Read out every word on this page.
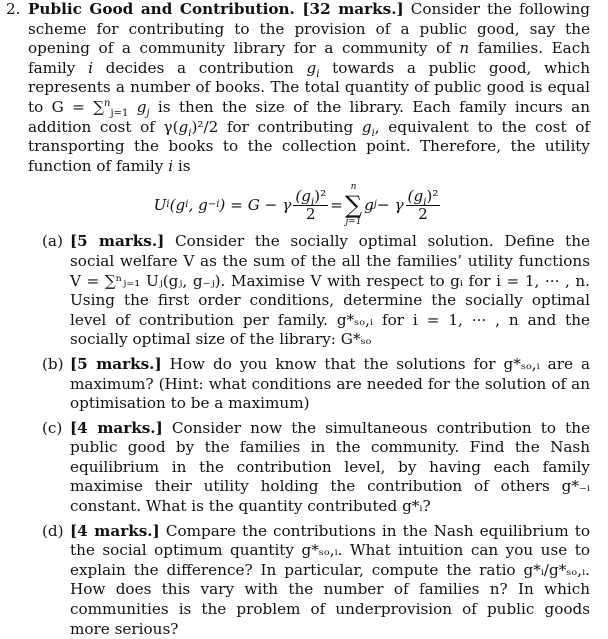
2. Public Good and Contribution. [32 marks.] Consider the following scheme for contributing to the provision of a public good, say the opening of a community library for a community of n families. Each family i decides a contribution $g_i$ towards a public good, which represents a number of books. The total quantity of public good is equal to G = ∑$^n_{j=1}$ $g_j$ is then the size of the library. Each family incurs an addition cost of $\gamma(g_i)^2/2$ for contributing $g_i$, equivalent to the cost of transporting the books to the collection point. Therefore, the utility function of family i is
U i (g i , g −i ) = G − γ $\frac{(g_i)^2}{2}$ =
n
∑
j=1
g j − γ $\frac{(g_i)^2}{2}$
(a) [5 marks.] Consider the socially optimal solution. Define the social welfare V as the sum of the all the families’ utility functions V = ∑ⁿⱼ₌₁ Uⱼ(gⱼ, g₋ⱼ). Maximise V with respect to gᵢ for i = 1, ··· , n. Using the first order conditions, determine the socially optimal level of contribution per family. g*ₛₒ,ᵢ for i = 1, ··· , n and the socially optimal size of the library: G*ₛₒ
(b) [5 marks.] How do you know that the solutions for g*ₛₒ,ᵢ are a maximum? (Hint: what conditions are needed for the solution of an optimisation to be a maximum)
(c) [4 marks.] Consider now the simultaneous contribution to the public good by the families in the community. Find the Nash equilibrium in the contribution level, by having each family maximise their utility holding the contribution of others g*₋ᵢ constant. What is the quantity contributed g*ᵢ?
(d) [4 marks.] Compare the contributions in the Nash equilibrium to the social optimum quantity g*ₛₒ,ᵢ. What intuition can you use to explain the difference? In particular, compute the ratio g*ᵢ/g*ₛₒ,ᵢ. How does this vary with the number of families n? In which communities is the problem of underprovision of public goods more serious?
